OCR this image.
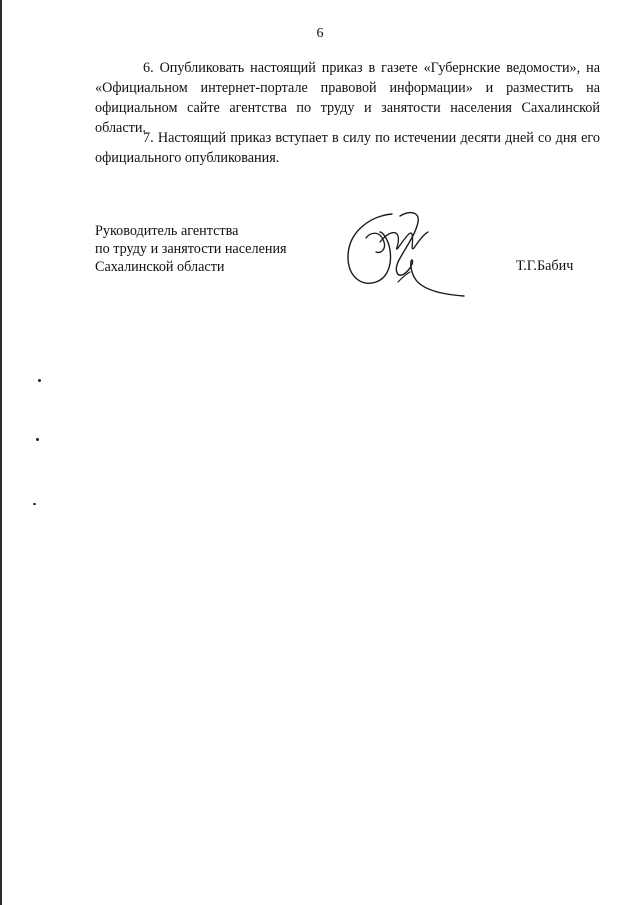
6

6. Опубликовать настоящий приказ в газете «Губернские ведомости», на «Официальном интернет-портале правовой информации» и разместить на официальном сайте агентства по труду и занятости населения Сахалинской области.

7. Настоящий приказ вступает в силу по истечении десяти дней со дня его официального опубликования.

Руководитель агентства
по труду и занятости населения
Сахалинской области	Т.Г.Бабич
